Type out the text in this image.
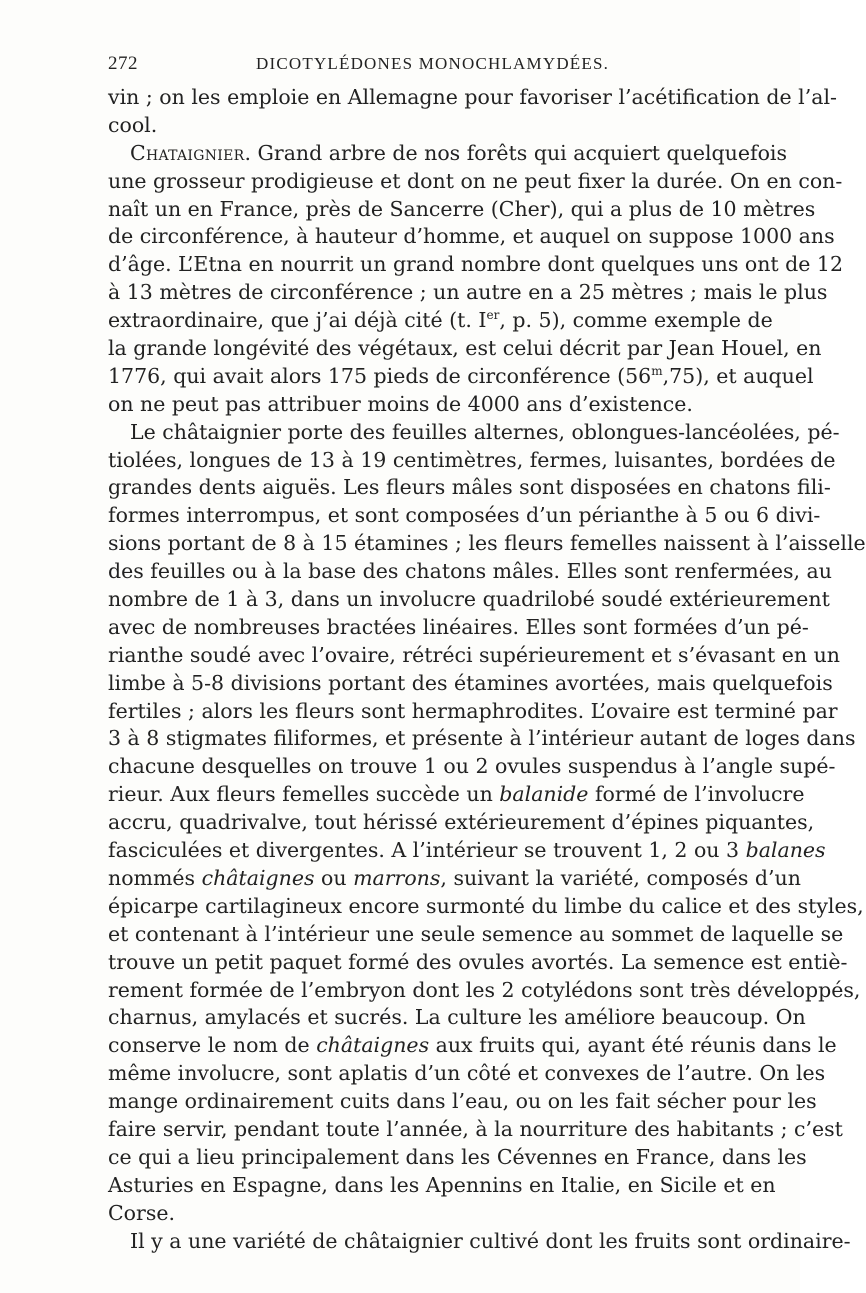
272	DICOTYLÉDONES MONOCHLAMYDÉES.
vin ; on les emploie en Allemagne pour favoriser l’acétification de l’al-
cool.
Chataignier. Grand arbre de nos forêts qui acquiert quelquefois
une grosseur prodigieuse et dont on ne peut fixer la durée. On en con-
naît un en France, près de Sancerre (Cher), qui a plus de 10 mètres
de circonférence, à hauteur d’homme, et auquel on suppose 1000 ans
d’âge. L’Etna en nourrit un grand nombre dont quelques uns ont de 12
à 13 mètres de circonférence ; un autre en a 25 mètres ; mais le plus
extraordinaire, que j’ai déjà cité (t. Ier, p. 5), comme exemple de
la grande longévité des végétaux, est celui décrit par Jean Houel, en
1776, qui avait alors 175 pieds de circonférence (56$^m$,75), et auquel
on ne peut pas attribuer moins de 4000 ans d’existence.
Le châtaignier porte des feuilles alternes, oblongues-lancéolées, pé-
tiolées, longues de 13 à 19 centimètres, fermes, luisantes, bordées de
grandes dents aiguës. Les fleurs mâles sont disposées en chatons fili-
formes interrompus, et sont composées d’un périanthe à 5 ou 6 divi-
sions portant de 8 à 15 étamines ; les fleurs femelles naissent à l’aisselle
des feuilles ou à la base des chatons mâles. Elles sont renfermées, au
nombre de 1 à 3, dans un involucre quadrilobé soudé extérieurement
avec de nombreuses bractées linéaires. Elles sont formées d’un pé-
rianthe soudé avec l’ovaire, rétréci supérieurement et s’évasant en un
limbe à 5-8 divisions portant des étamines avortées, mais quelquefois
fertiles ; alors les fleurs sont hermaphrodites. L’ovaire est terminé par
3 à 8 stigmates filiformes, et présente à l’intérieur autant de loges dans
chacune desquelles on trouve 1 ou 2 ovules suspendus à l’angle supé-
rieur. Aux fleurs femelles succède un balanide formé de l’involucre
accru, quadrivalve, tout hérissé extérieurement d’épines piquantes,
fasciculées et divergentes. A l’intérieur se trouvent 1, 2 ou 3 balanes
nommés châtaignes ou marrons, suivant la variété, composés d’un
épicarpe cartilagineux encore surmonté du limbe du calice et des styles,
et contenant à l’intérieur une seule semence au sommet de laquelle se
trouve un petit paquet formé des ovules avortés. La semence est entiè-
rement formée de l’embryon dont les 2 cotylédons sont très développés,
charnus, amylacés et sucrés. La culture les améliore beaucoup. On
conserve le nom de châtaignes aux fruits qui, ayant été réunis dans le
même involucre, sont aplatis d’un côté et convexes de l’autre. On les
mange ordinairement cuits dans l’eau, ou on les fait sécher pour les
faire servir, pendant toute l’année, à la nourriture des habitants ; c’est
ce qui a lieu principalement dans les Cévennes en France, dans les
Asturies en Espagne, dans les Apennins en Italie, en Sicile et en
Corse.
Il y a une variété de châtaignier cultivé dont les fruits sont ordinaire-
